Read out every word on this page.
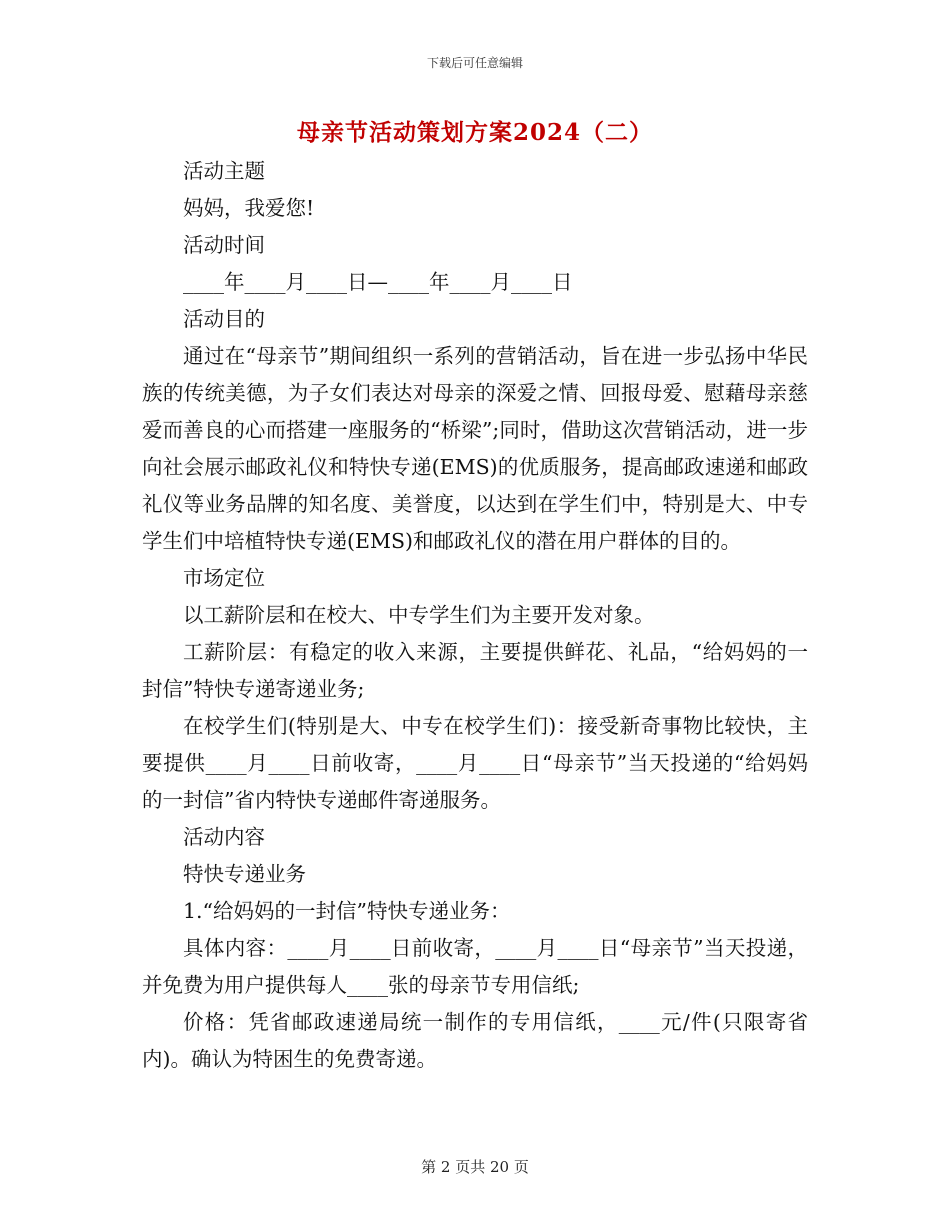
下载后可任意编辑
母亲节活动策划方案2024（二）

活动主题

妈妈，我爱您!

活动时间

____年____月____日—____年____月____日

活动目的

通过在“母亲节”期间组织一系列的营销活动，旨在进一步弘扬中华民族的传统美德，为子女们表达对母亲的深爱之情、回报母爱、慰藉母亲慈爱而善良的心而搭建一座服务的“桥梁”;同时，借助这次营销活动，进一步向社会展示邮政礼仪和特快专递(EMS)的优质服务，提高邮政速递和邮政礼仪等业务品牌的知名度、美誉度，以达到在学生们中，特别是大、中专学生们中培植特快专递(EMS)和邮政礼仪的潜在用户群体的目的。

市场定位

以工薪阶层和在校大、中专学生们为主要开发对象。

工薪阶层：有稳定的收入来源，主要提供鲜花、礼品，“给妈妈的一封信”特快专递寄递业务;

在校学生们(特别是大、中专在校学生们)：接受新奇事物比较快，主要提供____月____日前收寄，____月____日“母亲节”当天投递的“给妈妈的一封信”省内特快专递邮件寄递服务。

活动内容

特快专递业务

1.“给妈妈的一封信”特快专递业务：

具体内容：____月____日前收寄，____月____日“母亲节”当天投递，并免费为用户提供每人____张的母亲节专用信纸;

价格：凭省邮政速递局统一制作的专用信纸，____元/件(只限寄省内)。确认为特困生的免费寄递。

第 2 页共 20 页
